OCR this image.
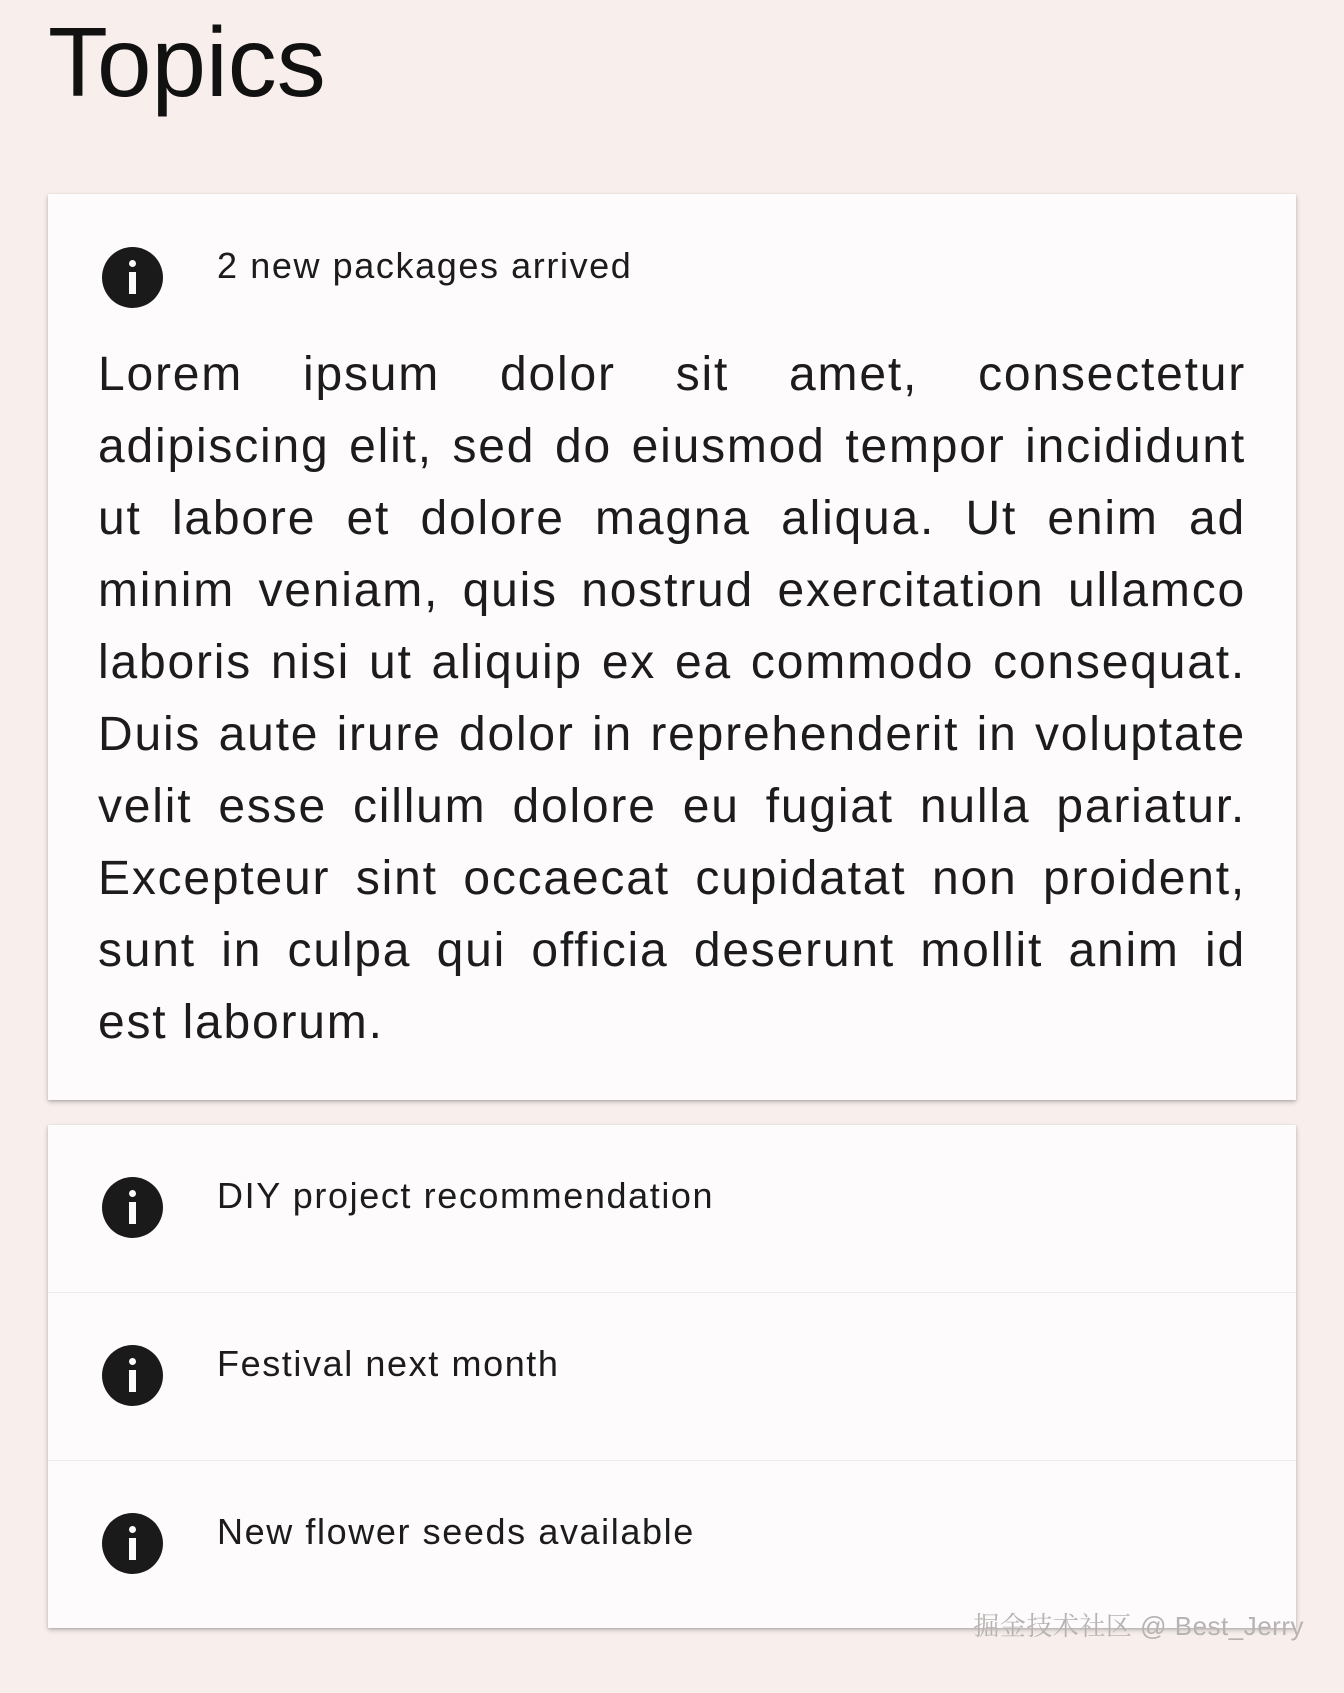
Topics
2 new packages arrived

Lorem ipsum dolor sit amet, consectetur adipiscing elit, sed do eiusmod tempor incididunt ut labore et dolore magna aliqua. Ut enim ad minim veniam, quis nostrud exercitation ullamco laboris nisi ut aliquip ex ea commodo consequat. Duis aute irure dolor in reprehenderit in voluptate velit esse cillum dolore eu fugiat nulla pariatur. Excepteur sint occaecat cupidatat non proident, sunt in culpa qui officia deserunt mollit anim id est laborum.

DIY project recommendation
Festival next month
New flower seeds available
掘金技术社区 @ Best_Jerry
